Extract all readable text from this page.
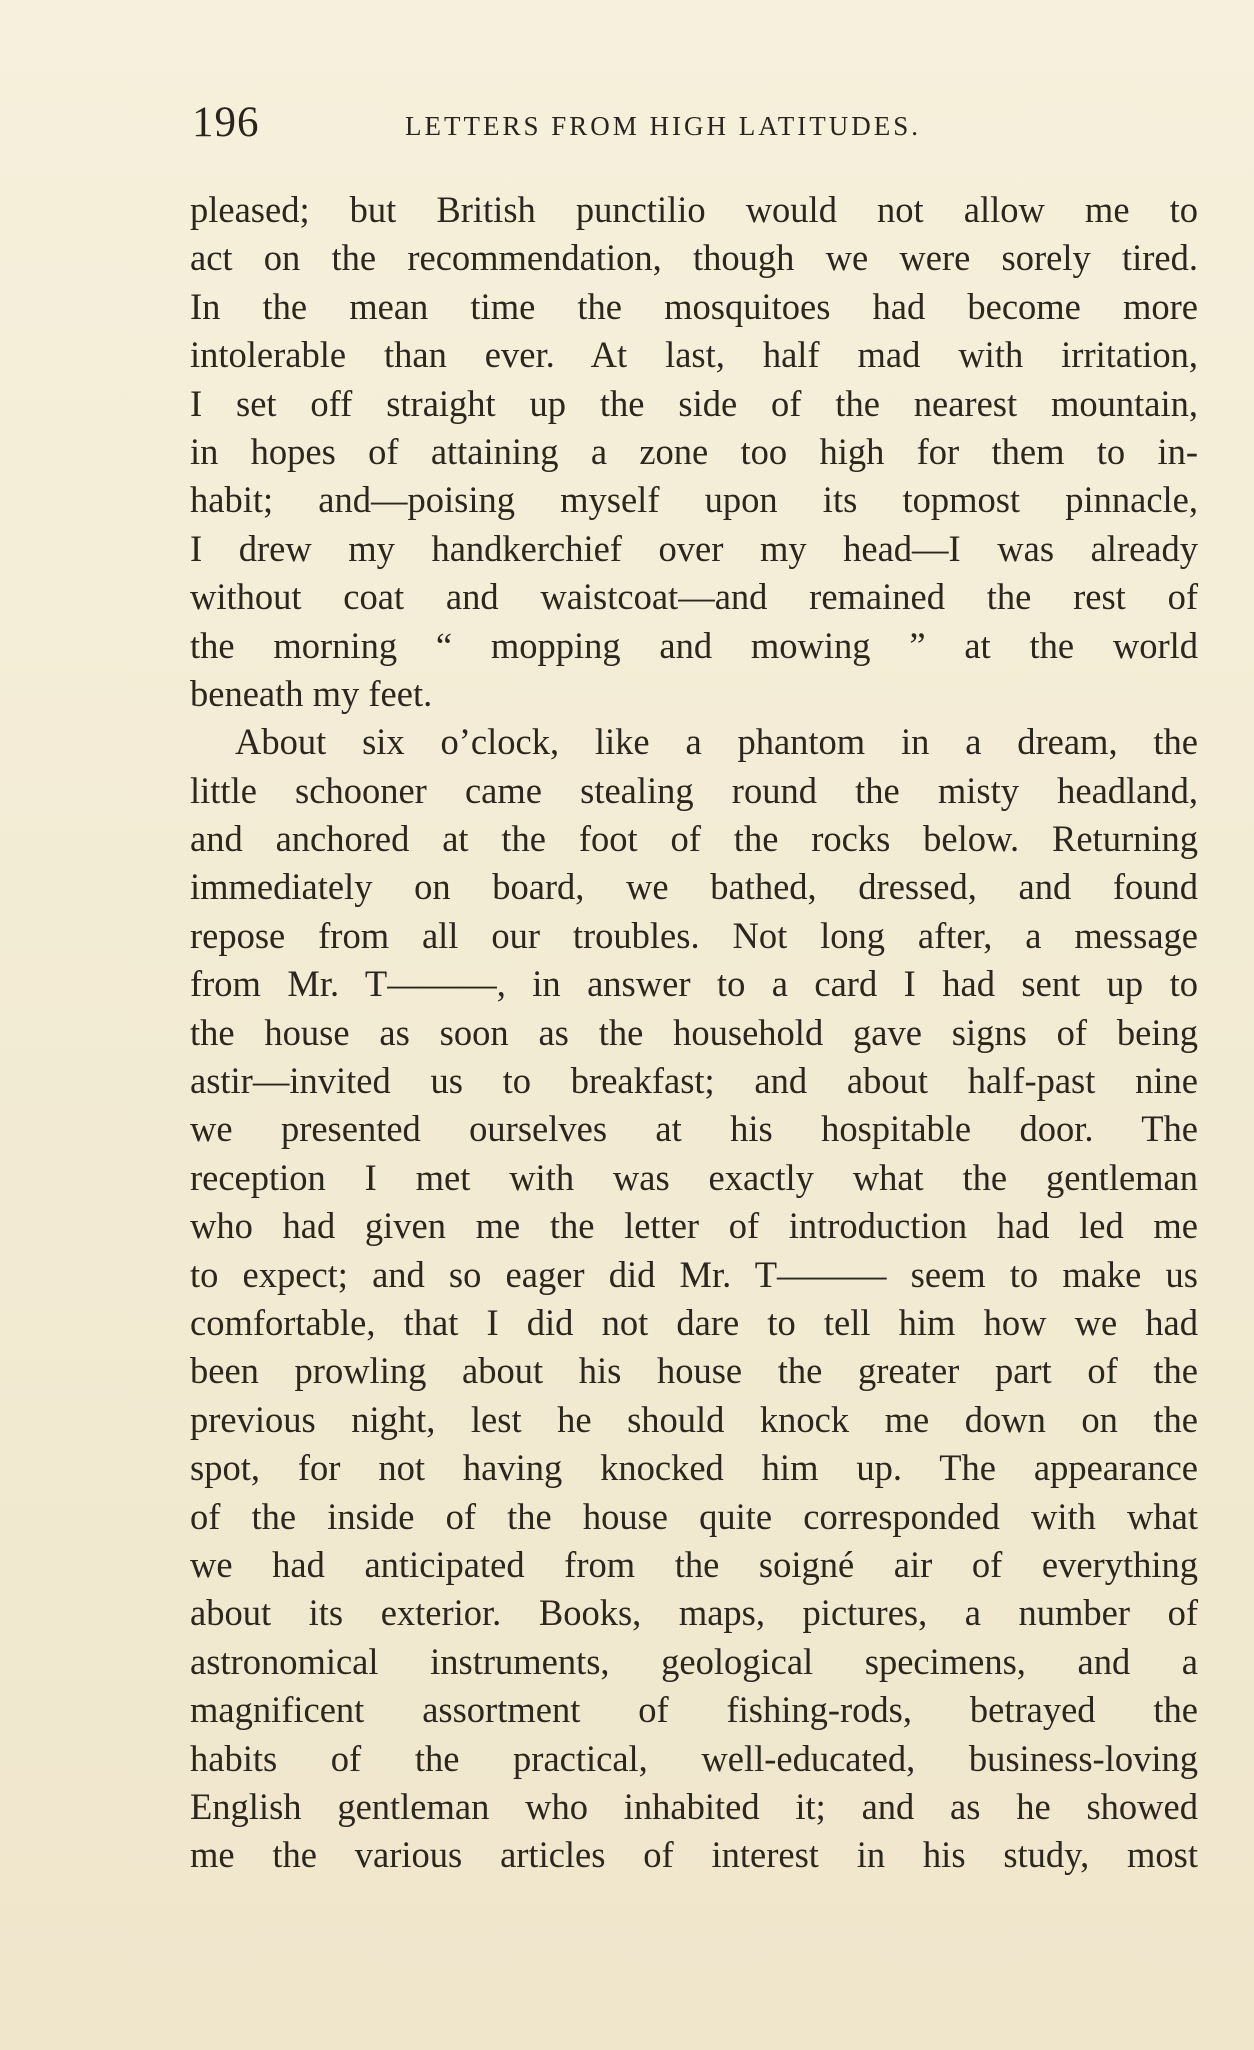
196	LETTERS FROM HIGH LATITUDES.
pleased; but British punctilio would not allow me to
act on the recommendation, though we were sorely tired.
In the mean time the mosquitoes had become more
intolerable than ever. At last, half mad with irritation,
I set off straight up the side of the nearest mountain,
in hopes of attaining a zone too high for them to in-
habit; and—poising myself upon its topmost pinnacle,
I drew my handkerchief over my head—I was already
without coat and waistcoat—and remained the rest of
the morning “ mopping and mowing ” at the world
beneath my feet.
About six o’clock, like a phantom in a dream, the
little schooner came stealing round the misty headland,
and anchored at the foot of the rocks below. Returning
immediately on board, we bathed, dressed, and found
repose from all our troubles. Not long after, a message
from Mr. T———, in answer to a card I had sent up to
the house as soon as the household gave signs of being
astir—invited us to breakfast; and about half-past nine
we presented ourselves at his hospitable door. The
reception I met with was exactly what the gentleman
who had given me the letter of introduction had led me
to expect; and so eager did Mr. T——— seem to make us
comfortable, that I did not dare to tell him how we had
been prowling about his house the greater part of the
previous night, lest he should knock me down on the
spot, for not having knocked him up. The appearance
of the inside of the house quite corresponded with what
we had anticipated from the soigné air of everything
about its exterior. Books, maps, pictures, a number of
astronomical instruments, geological specimens, and a
magnificent assortment of fishing-rods, betrayed the
habits of the practical, well-educated, business-loving
English gentleman who inhabited it; and as he showed
me the various articles of interest in his study, most
